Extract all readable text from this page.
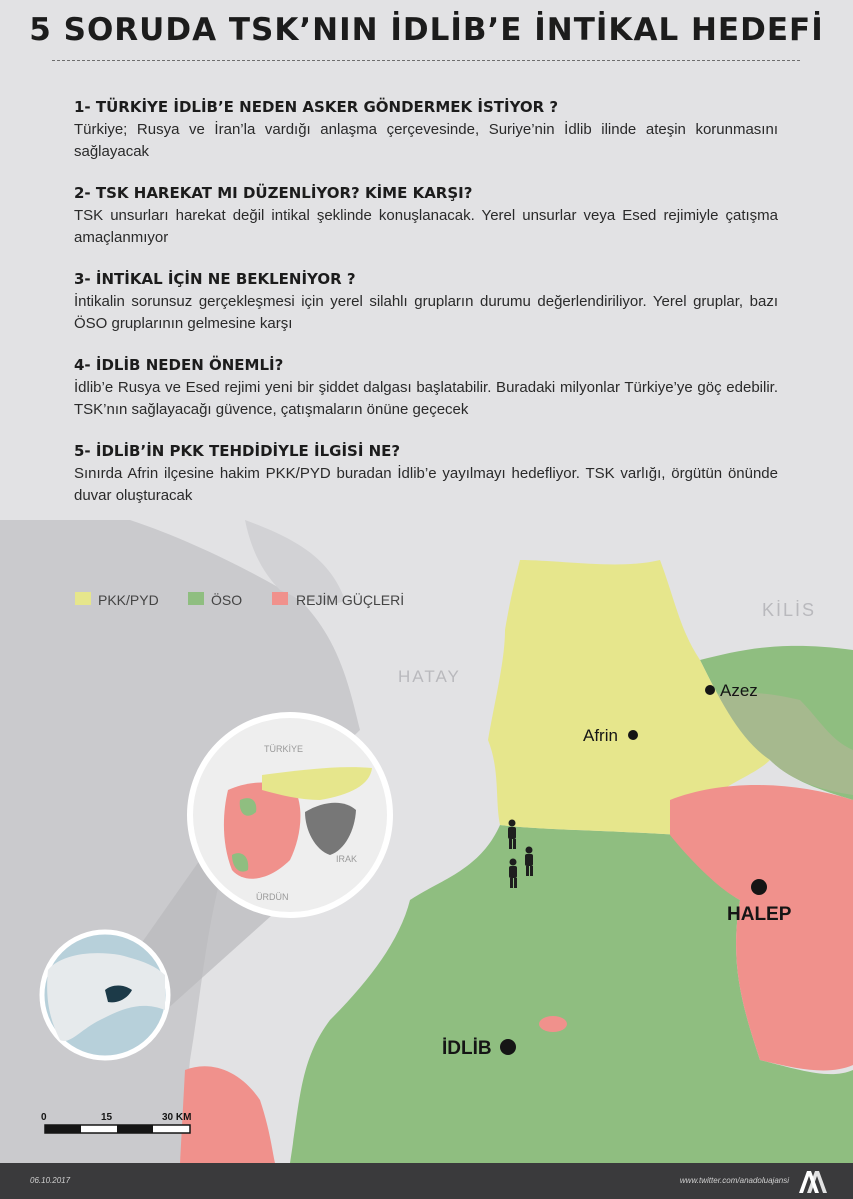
Azez
Afrin
HALEP
İDLİB
KİLİS
HATAY
PKK/PYD	ÖSO	REJİM GÜÇLERİ
TÜRKİYE
IRAK
ÜRDÜN
0	15	30 KM
5 SORUDA TSK’NIN İDLİB’E İNTİKAL HEDEFİ
1- TÜRKİYE İDLİB’E NEDEN ASKER GÖNDERMEK İSTİYOR ?

Türkiye; Rusya ve İran’la vardığı anlaşma çerçevesinde, Suriye’nin İdlib ilinde ateşin korunmasını sağlayacak

2- TSK HAREKAT MI DÜZENLİYOR? KİME KARŞI?

TSK unsurları harekat değil intikal şeklinde konuşlanacak. Yerel unsurlar veya Esed rejimiyle çatışma amaçlanmıyor

3- İNTİKAL İÇİN NE BEKLENİYOR ?

İntikalin sorunsuz gerçekleşmesi için yerel silahlı grupların durumu değerlendiriliyor. Yerel gruplar, bazı ÖSO gruplarının gelmesine karşı

4- İDLİB NEDEN ÖNEMLİ?

İdlib’e Rusya ve Esed rejimi yeni bir şiddet dalgası başlatabilir. Buradaki milyonlar Türkiye’ye göç edebilir. TSK’nın sağlayacağı güvence, çatışmaların önüne geçecek

5- İDLİB’İN PKK TEHDİDİYLE İLGİSİ NE?

Sınırda Afrin ilçesine hakim PKK/PYD buradan İdlib’e yayılmayı hedefliyor. TSK varlığı, örgütün önünde duvar oluşturacak

06.10.2017	www.twitter.com/anadoluajansi
